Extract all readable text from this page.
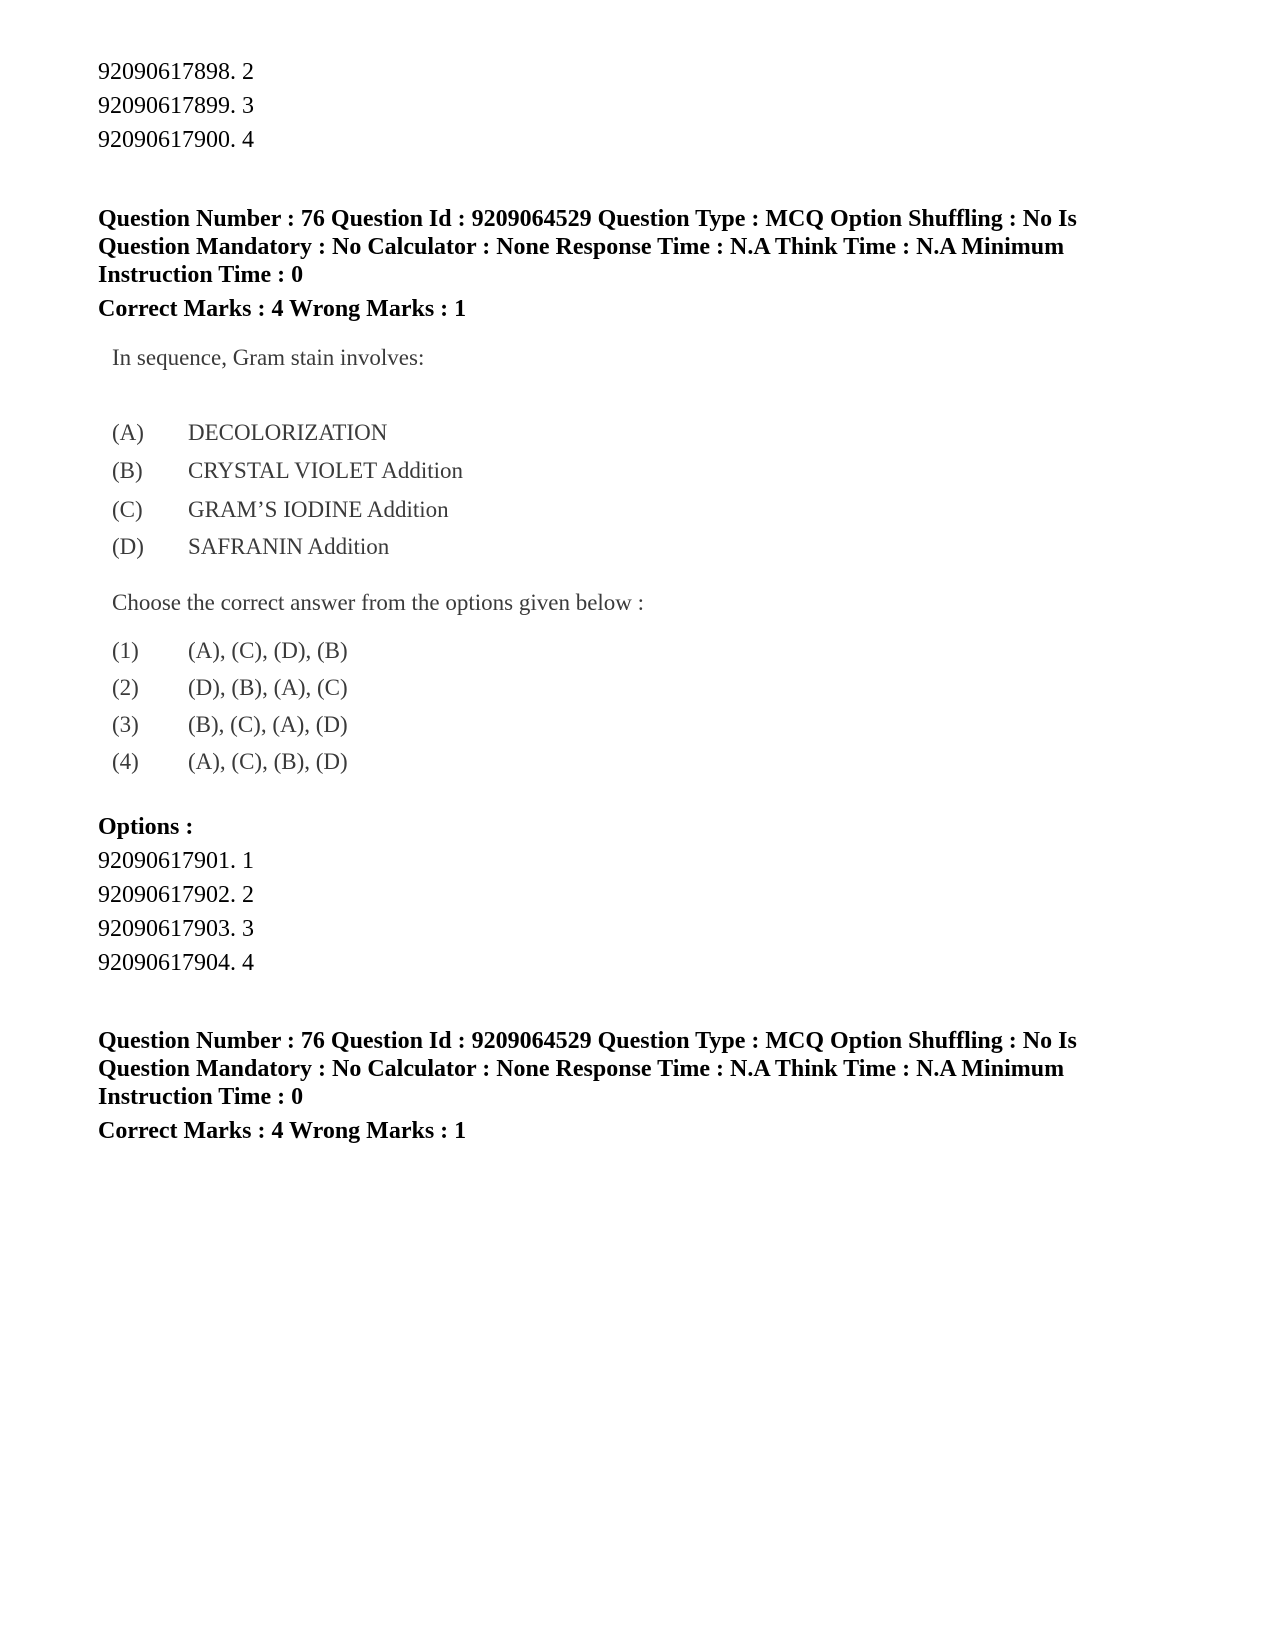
92090617898. 2
92090617899. 3
92090617900. 4
Question Number : 76 Question Id : 9209064529 Question Type : MCQ Option Shuffling : No Is
Question Mandatory : No Calculator : None Response Time : N.A Think Time : N.A Minimum
Instruction Time : 0
Correct Marks : 4 Wrong Marks : 1
In sequence, Gram stain involves:
(A) DECOLORIZATION
(B) CRYSTAL VIOLET Addition
(C) GRAM’S IODINE Addition
(D) SAFRANIN Addition
Choose the correct answer from the options given below :
(1) (A), (C), (D), (B)
(2) (D), (B), (A), (C)
(3) (B), (C), (A), (D)
(4) (A), (C), (B), (D)
Options :
92090617901. 1
92090617902. 2
92090617903. 3
92090617904. 4
Question Number : 76 Question Id : 9209064529 Question Type : MCQ Option Shuffling : No Is
Question Mandatory : No Calculator : None Response Time : N.A Think Time : N.A Minimum
Instruction Time : 0
Correct Marks : 4 Wrong Marks : 1
